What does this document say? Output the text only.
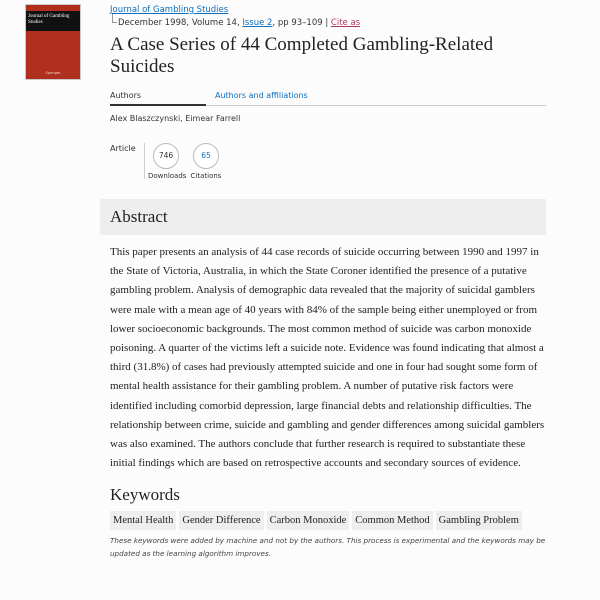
Journal of Gambling Studies
Springer
Journal of Gambling Studies
December 1998, Volume 14, Issue 2, pp 93–109 | Cite as
A Case Series of 44 Completed Gambling-Related Suicides
Authors	Authors and affiliations
Alex Blaszczynski, Eimear Farrell
Article
746
Downloads
65
Citations
Abstract

This paper presents an analysis of 44 case records of suicide occurring between 1990 and 1997 in the State of Victoria, Australia, in which the State Coroner identified the presence of a putative gambling problem. Analysis of demographic data revealed that the majority of suicidal gamblers were male with a mean age of 40 years with 84% of the sample being either unemployed or from lower socioeconomic backgrounds. The most common method of suicide was carbon monoxide poisoning. A quarter of the victims left a suicide note. Evidence was found indicating that almost a third (31.8%) of cases had previously attempted suicide and one in four had sought some form of mental health assistance for their gambling problem. A number of putative risk factors were identified including comorbid depression, large financial debts and relationship difficulties. The relationship between crime, suicide and gambling and gender differences among suicidal gamblers was also examined. The authors conclude that further research is required to substantiate these initial findings which are based on retrospective accounts and secondary sources of evidence.

Keywords
Mental Health Gender Difference Carbon Monoxide Common Method Gambling Problem
These keywords were added by machine and not by the authors. This process is experimental and the keywords may be updated as the learning algorithm improves.
